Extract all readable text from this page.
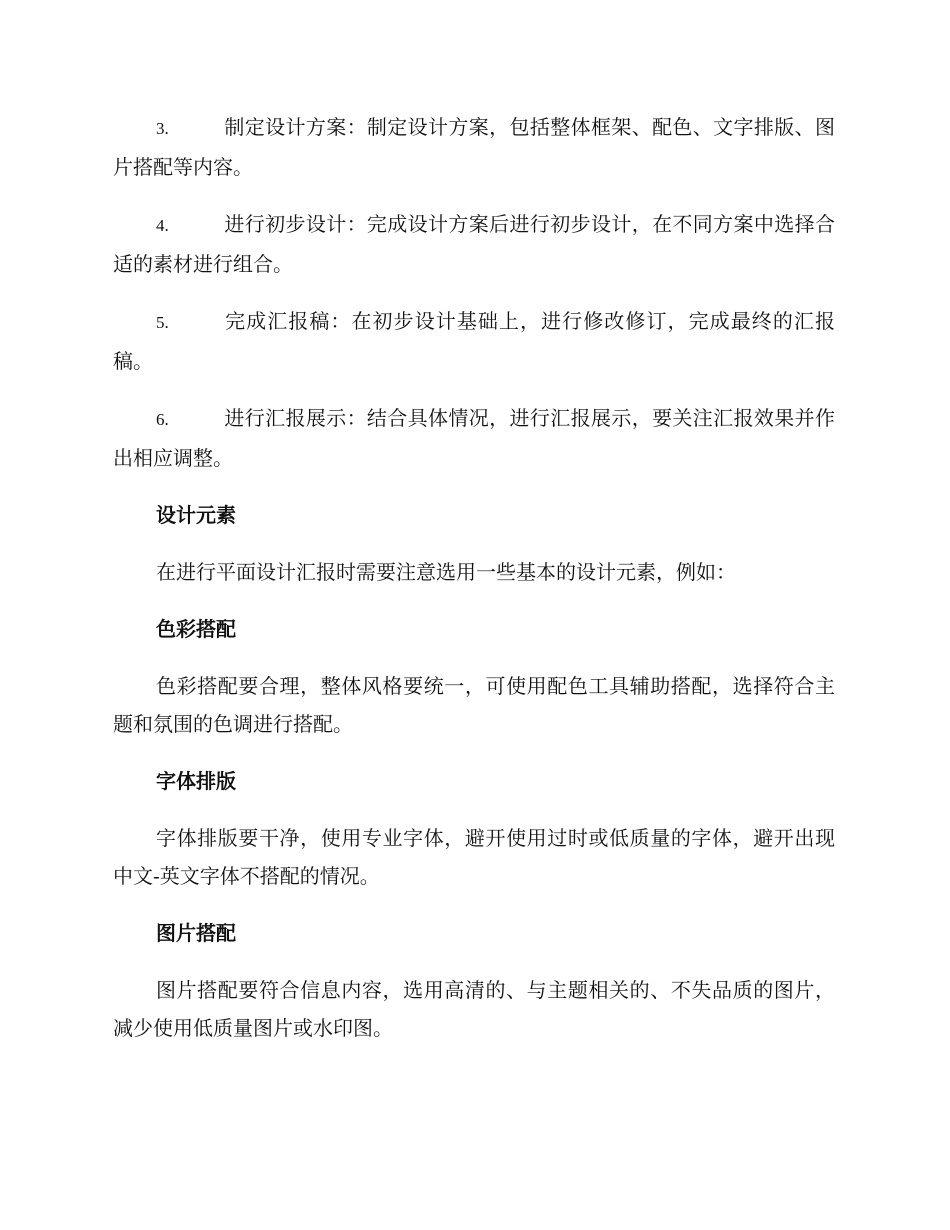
3.	制定设计方案：制定设计方案，包括整体框架、配色、文字排版、图片搭配等内容。

4.	进行初步设计：完成设计方案后进行初步设计，在不同方案中选择合适的素材进行组合。

5.	完成汇报稿：在初步设计基础上，进行修改修订，完成最终的汇报稿。

6.	进行汇报展示：结合具体情况，进行汇报展示，要关注汇报效果并作出相应调整。

设计元素

在进行平面设计汇报时需要注意选用一些基本的设计元素，例如：

色彩搭配

色彩搭配要合理，整体风格要统一，可使用配色工具辅助搭配，选择符合主题和氛围的色调进行搭配。

字体排版

字体排版要干净，使用专业字体，避开使用过时或低质量的字体，避开出现中文-英文字体不搭配的情况。

图片搭配

图片搭配要符合信息内容，选用高清的、与主题相关的、不失品质的图片，减少使用低质量图片或水印图。
